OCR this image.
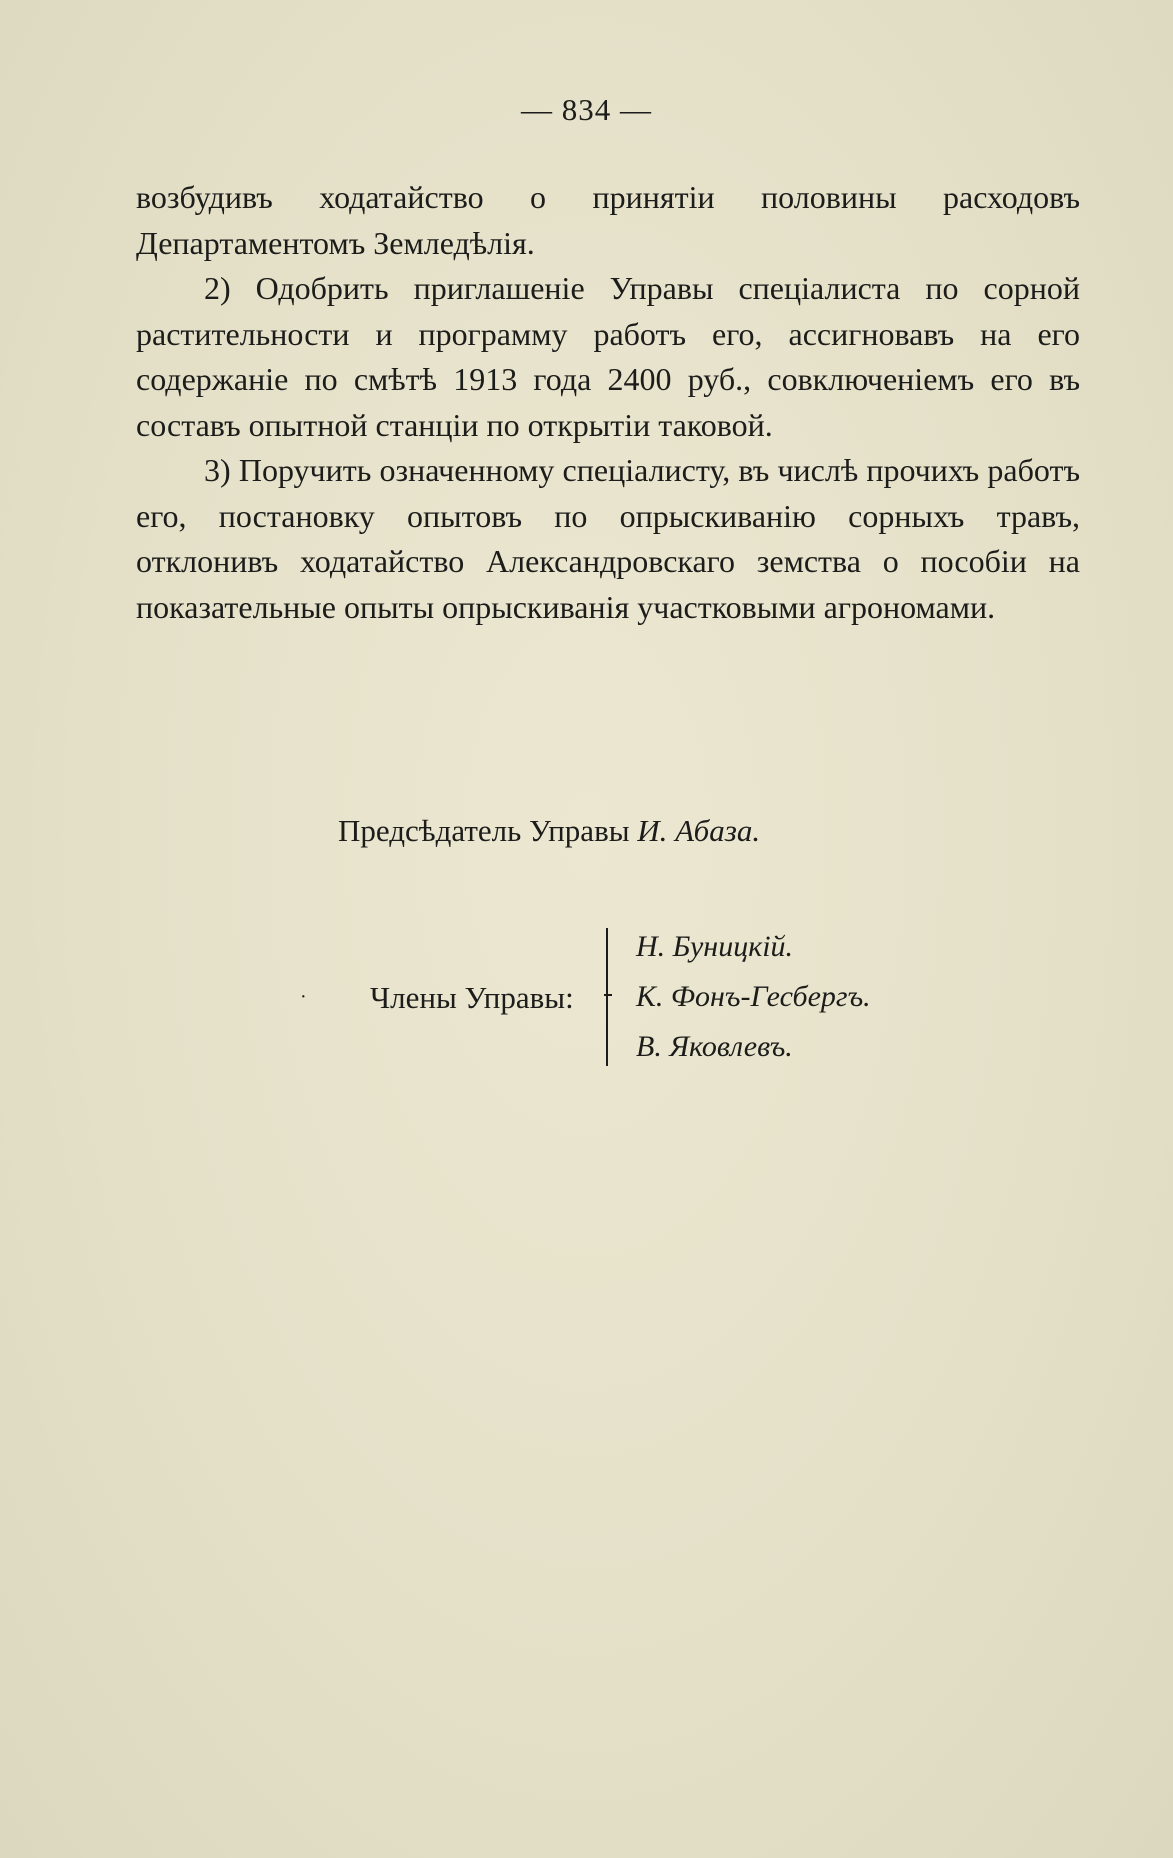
— 834 —

возбудивъ ходатайство о принятіи половины расходовъ Департаментомъ Земледѣлія.

2) Одобрить приглашеніе Управы спеціалиста по сорной растительности и программу работъ его, ассигновавъ на его содержаніе по смѣтѣ 1913 года 2400 руб., совключеніемъ его въ составъ опытной станціи по открытіи таковой.

3) Поручить означенному спеціалисту, въ числѣ прочихъ работъ его, постановку опытовъ по опрыскиванію сорныхъ травъ, отклонивъ ходатайство Александровскаго земства о пособіи на показательные опыты опрыскиванія участковыми агрономами.

Предсѣдатель Управы И. Абаза.
· Члены Управы:
Н. Буницкій.
К. Фонъ-Гесбергъ.
В. Яковлевъ.
